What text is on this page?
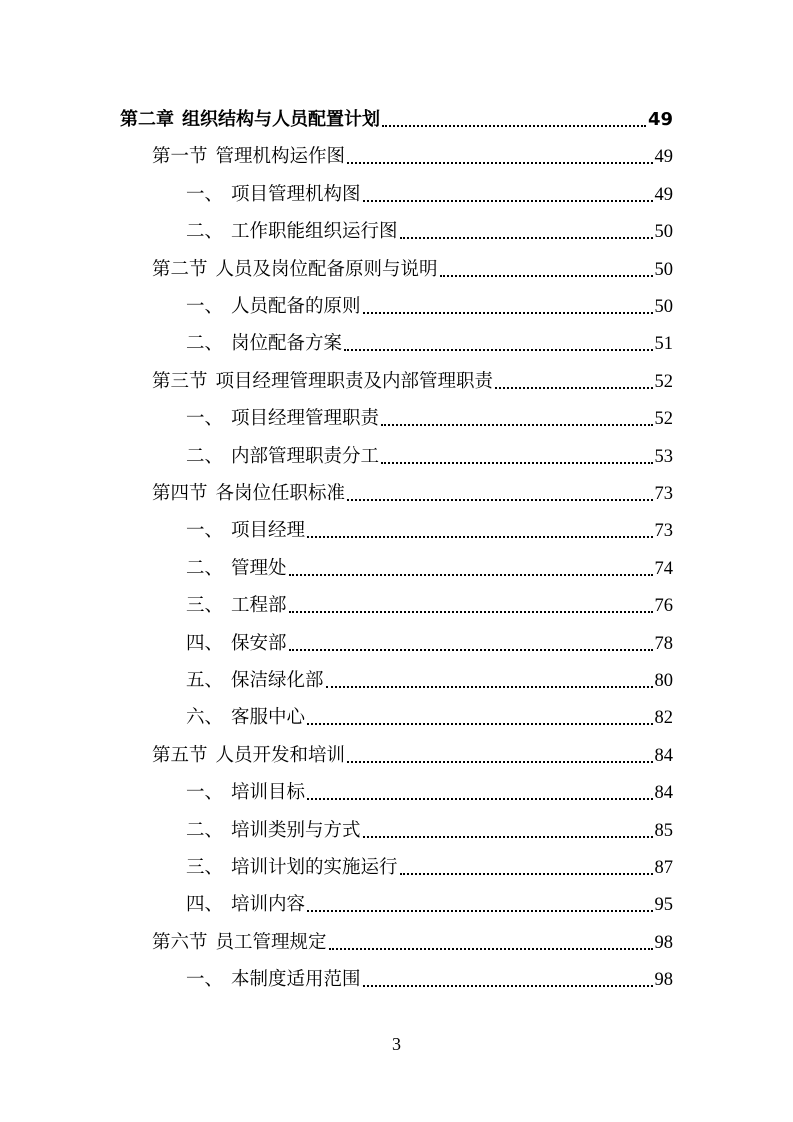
第二章 组织结构与人员配置计划	49
第一节 管理机构运作图	49
一、 项目管理机构图	49
二、 工作职能组织运行图	50
第二节 人员及岗位配备原则与说明	50
一、 人员配备的原则	50
二、 岗位配备方案	51
第三节 项目经理管理职责及内部管理职责	52
一、 项目经理管理职责	52
二、 内部管理职责分工	53
第四节 各岗位任职标准	73
一、 项目经理	73
二、 管理处	74
三、 工程部	76
四、 保安部	78
五、 保洁绿化部	80
六、 客服中心	82
第五节 人员开发和培训	84
一、 培训目标	84
二、 培训类别与方式	85
三、 培训计划的实施运行	87
四、 培训内容	95
第六节 员工管理规定	98
一、 本制度适用范围	98
3
